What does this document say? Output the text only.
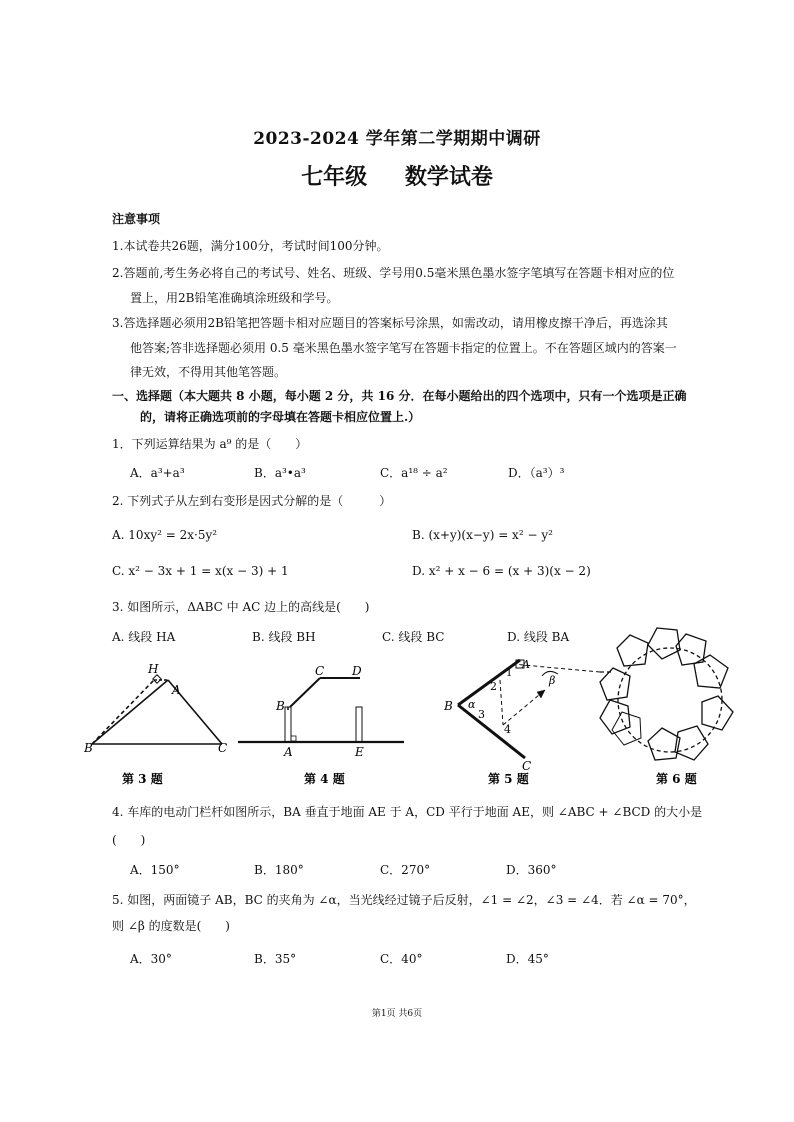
2023-2024 学年第二学期期中调研
七年级 数学试卷
注意事项
1.本试卷共26题，满分100分，考试时间100分钟。
2.答题前,考生务必将自己的考试号、姓名、班级、学号用0.5毫米黑色墨水签字笔填写在答题卡相对应的位
置上，用2B铅笔准确填涂班级和学号。
3.答选择题必须用2B铅笔把答题卡相对应题目的答案标号涂黑，如需改动，请用橡皮擦干净后，再选涂其
他答案;答非选择题必须用 0.5 毫米黑色墨水签字笔写在答题卡指定的位置上。不在答题区域内的答案一
律无效，不得用其他笔答题。
一、选择题（本大题共 8 小题，每小题 2 分，共 16 分．在每小题给出的四个选项中，只有一个选项是正确
的，请将正确选项前的字母填在答题卡相应位置上.）
1．下列运算结果为 a⁹ 的是（　　）
A．a³+a³	B．a³•a³	C．a¹⁸ ÷ a²	D．（a³）³
2. 下列式子从左到右变形是因式分解的是（　　　）
A. 10xy² = 2x·5y²	B. (x+y)(x−y) = x² − y²
C. x² − 3x + 1 = x(x − 3) + 1	D. x² + x − 6 = (x + 3)(x − 2)
3. 如图所示，ΔABC 中 AC 边上的高线是(　　)
A. 线段 HA	B. 线段 BH	C. 线段 BC	D. 线段 BA
H
A
B	C
第 3 题
C D
B
A	E
第 4 题
B
A
C
α
2
1
3
4
β
第 5 题	第 6 题
4. 车库的电动门栏杆如图所示，BA 垂直于地面 AE 于 A，CD 平行于地面 AE，则 ∠ABC + ∠BCD 的大小是
(　　)
A．150°	B．180°	C．270°	D．360°
5. 如图，两面镜子 AB，BC 的夹角为 ∠α，当光线经过镜子后反射，∠1 = ∠2，∠3 = ∠4．若 ∠α = 70°，
则 ∠β 的度数是(　　)
A．30°	B．35°	C．40°	D．45°
第1页 共6页
